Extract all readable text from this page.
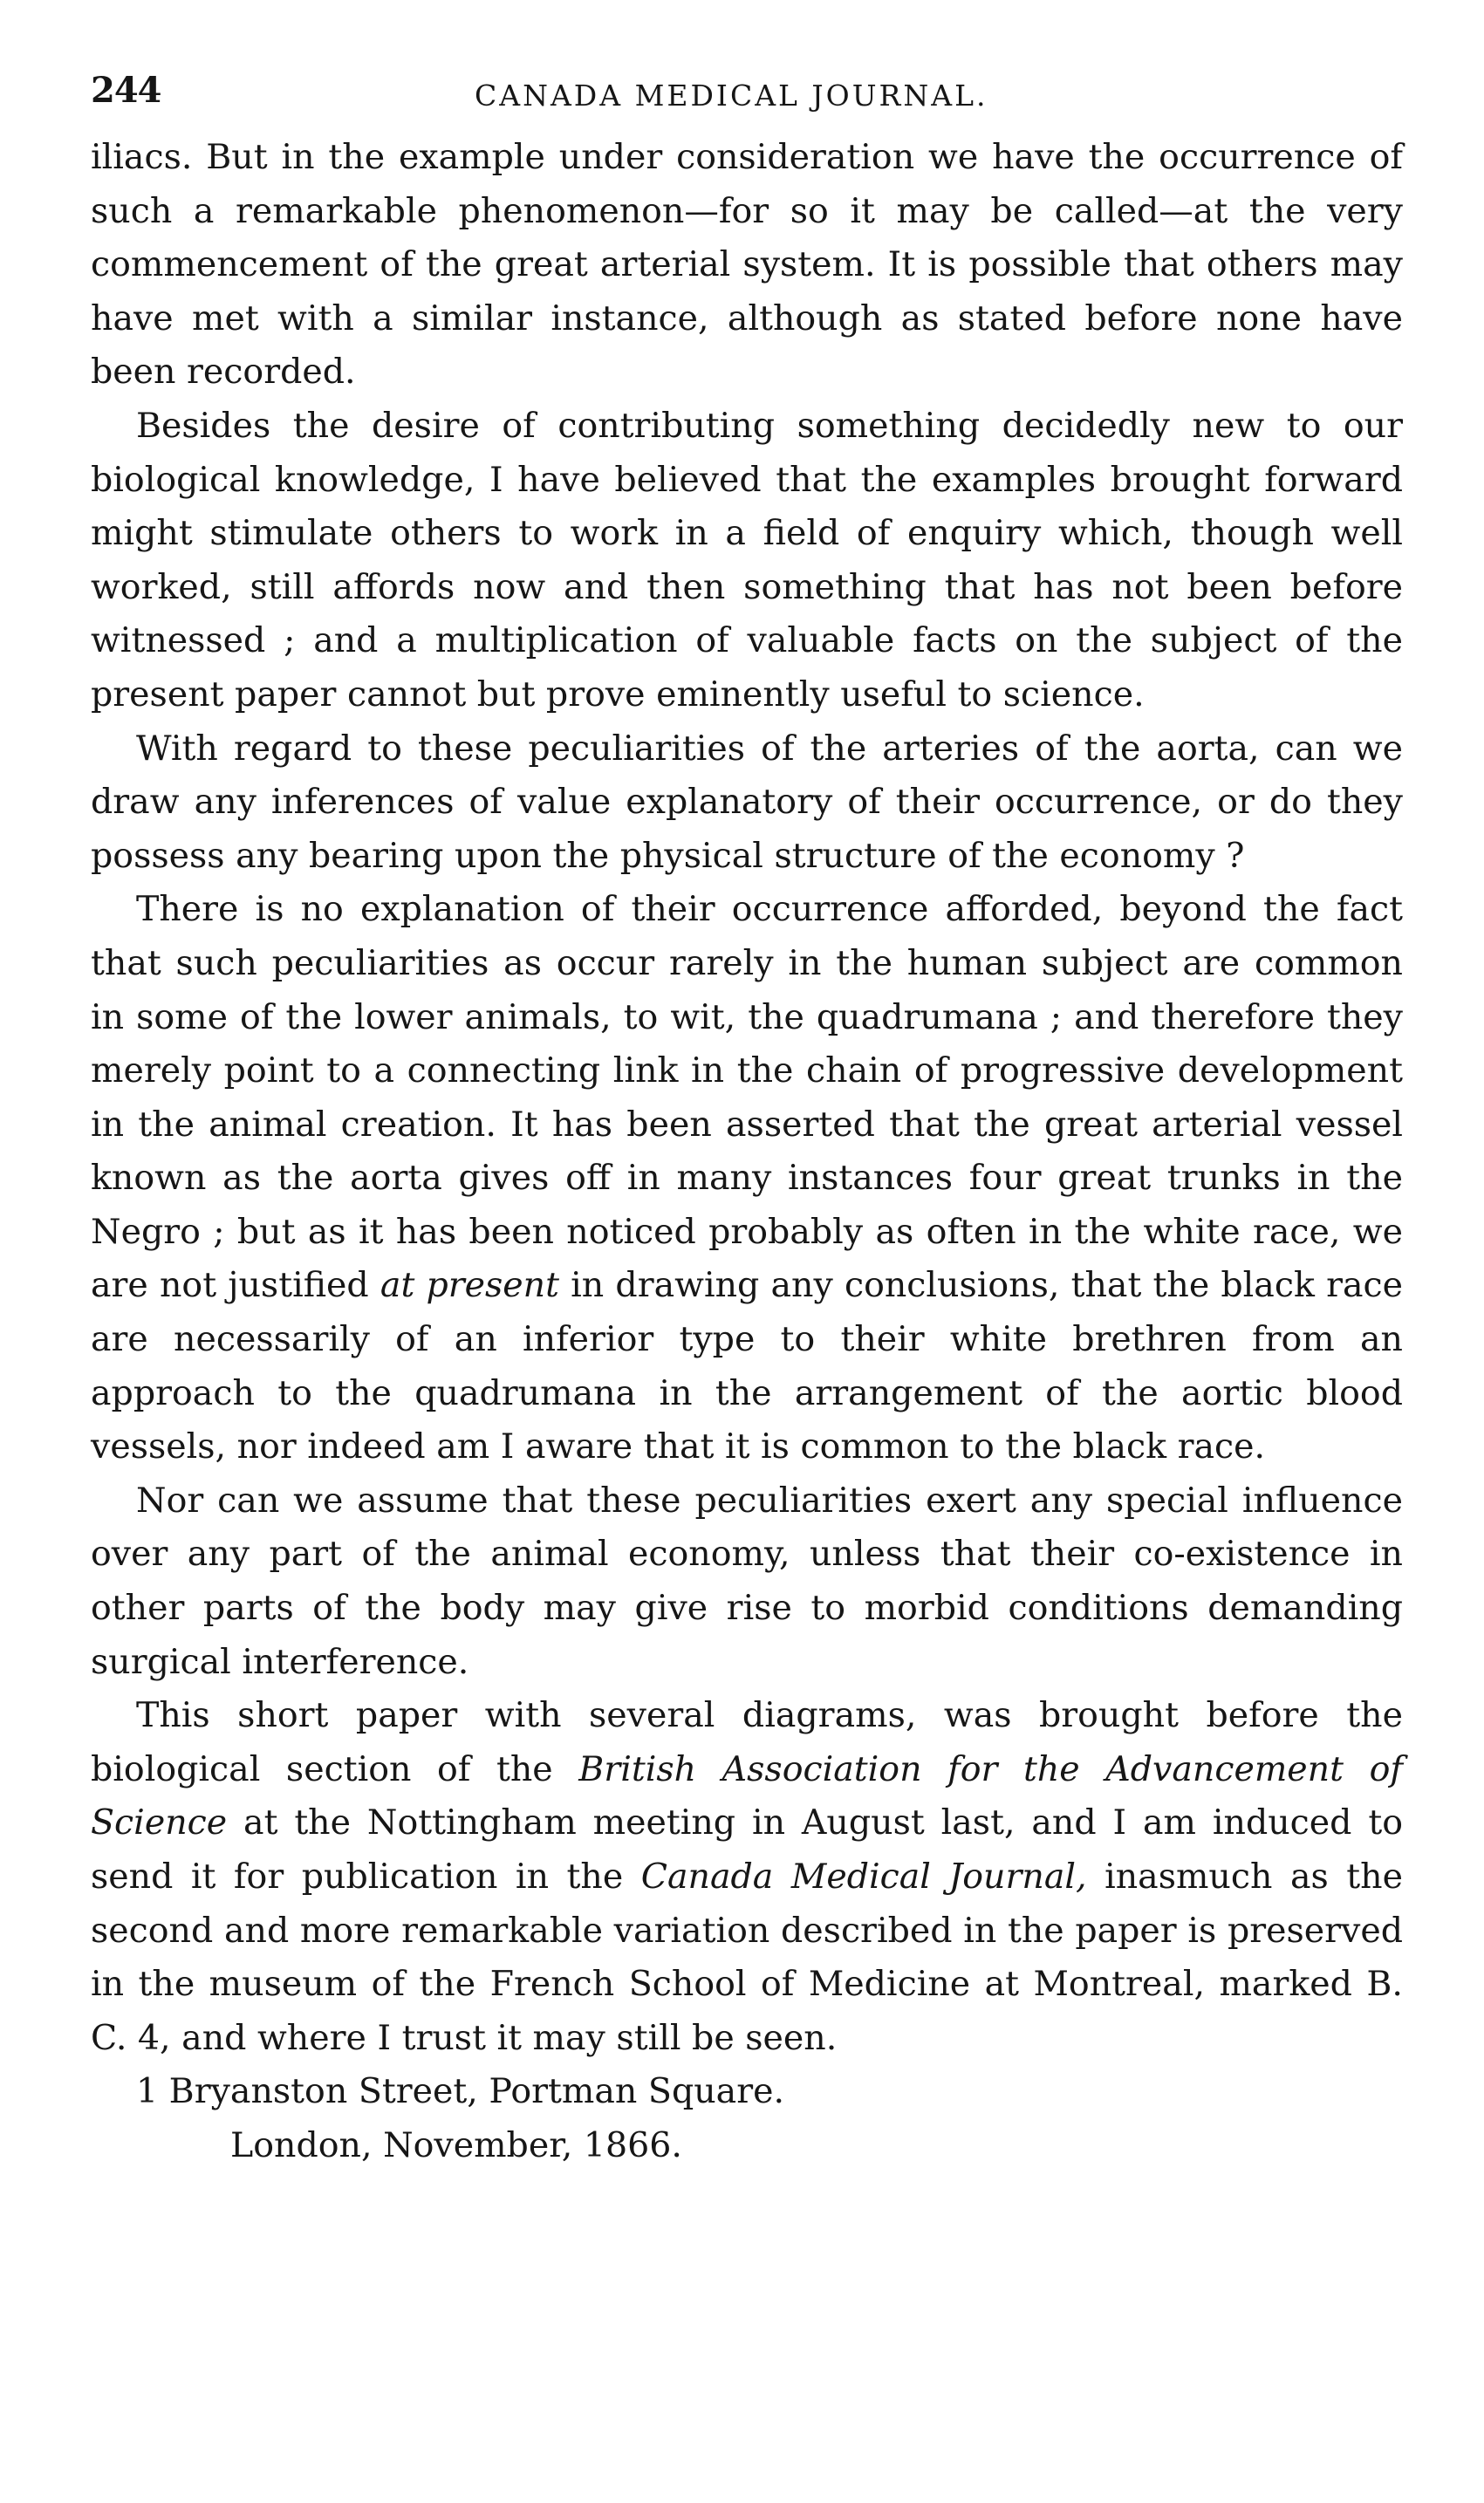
244	CANADA MEDICAL JOURNAL.

iliacs. But in the example under consideration we have the occurrence of such a remarkable phenomenon—for so it may be called—at the very commencement of the great arterial system. It is possible that others may have met with a similar instance, although as stated before none have been recorded.

Besides the desire of contributing something decidedly new to our biological knowledge, I have believed that the examples brought forward might stimulate others to work in a field of enquiry which, though well worked, still affords now and then something that has not been before witnessed ; and a multiplication of valuable facts on the subject of the present paper cannot but prove eminently useful to science.

With regard to these peculiarities of the arteries of the aorta, can we draw any inferences of value explanatory of their occurrence, or do they possess any bearing upon the physical structure of the economy ?

There is no explanation of their occurrence afforded, beyond the fact that such peculiarities as occur rarely in the human subject are common in some of the lower animals, to wit, the quadrumana ; and therefore they merely point to a connecting link in the chain of progressive development in the animal creation. It has been asserted that the great arterial vessel known as the aorta gives off in many instances four great trunks in the Negro ; but as it has been noticed probably as often in the white race, we are not justified at present in drawing any conclusions, that the black race are necessarily of an inferior type to their white brethren from an approach to the quadrumana in the arrangement of the aortic blood vessels, nor indeed am I aware that it is common to the black race.

Nor can we assume that these peculiarities exert any special influence over any part of the animal economy, unless that their co-existence in other parts of the body may give rise to morbid conditions demanding surgical interference.

This short paper with several diagrams, was brought before the biological section of the British Association for the Advancement of Science at the Nottingham meeting in August last, and I am induced to send it for publication in the Canada Medical Journal, inasmuch as the second and more remarkable variation described in the paper is preserved in the museum of the French School of Medicine at Montreal, marked B. C. 4, and where I trust it may still be seen.

1 Bryanston Street, Portman Square.
London, November, 1866.
